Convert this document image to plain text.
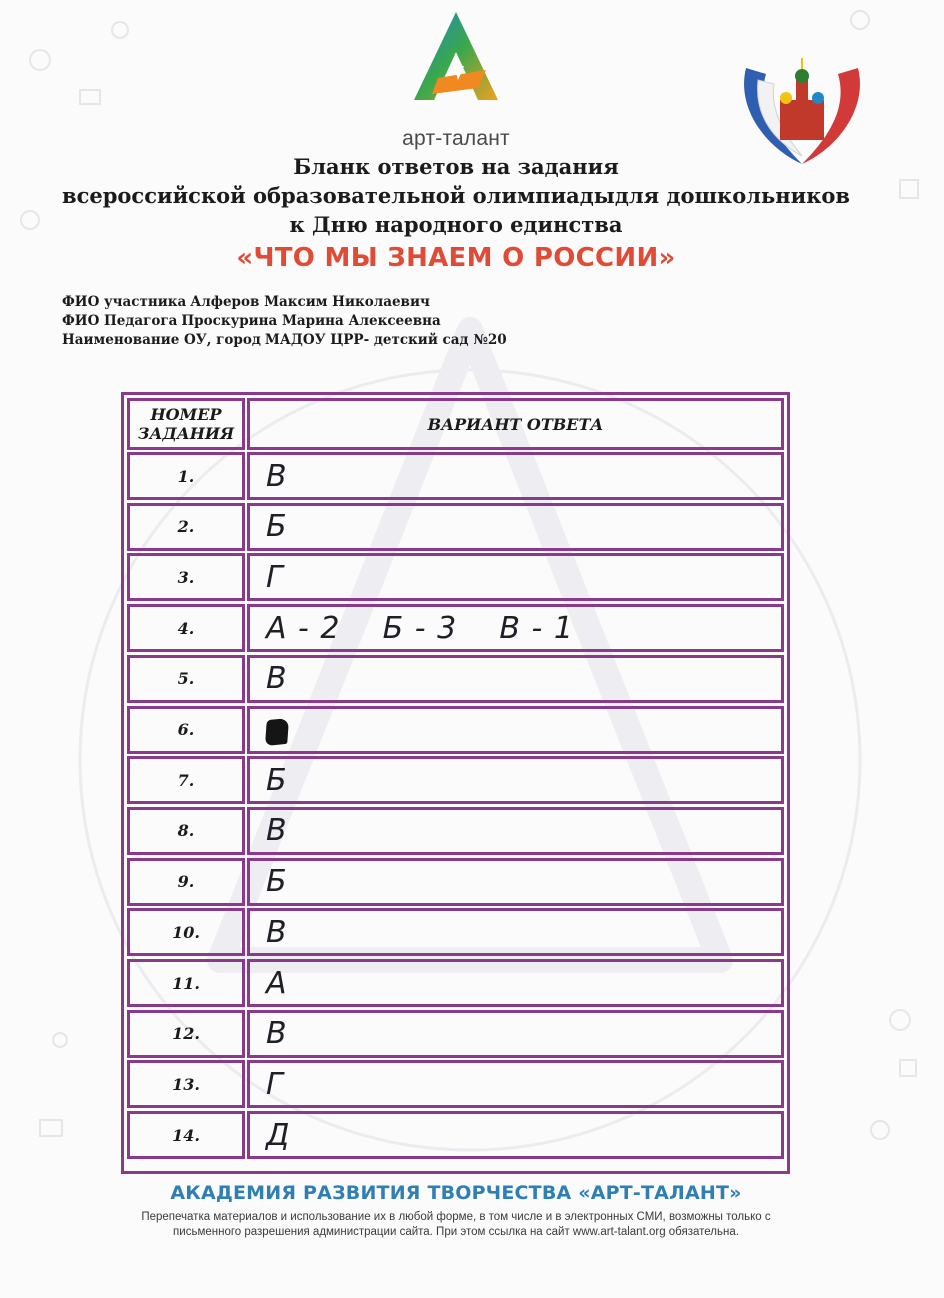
арт-талант
Бланк ответов на задания
всероссийской образовательной олимпиадыдля дошкольников
к Дню народного единства
«ЧТО МЫ ЗНАЕМ О РОССИИ»
ФИО участника Алферов Максим Николаевич
ФИО Педагога Проскурина Марина Алексеевна
Наименование ОУ, город МАДОУ ЦРР- детский сад №20
НОМЕР
ЗАДАНИЯ	ВАРИАНТ ОТВЕТА
1. В
2. Б
3. Г
4. А - 2    Б - 3    В - 1
5. В
6.
7. Б
8. В
9. Б
10. В
11. А
12. В
13. Г
14. Д
АКАДЕМИЯ РАЗВИТИЯ ТВОРЧЕСТВА «АРТ-ТАЛАНТ»
Перепечатка материалов и использование их в любой форме, в том числе и в электронных СМИ, возможны только с
письменного разрешения администрации сайта. При этом ссылка на сайт www.art-talant.org обязательна.
